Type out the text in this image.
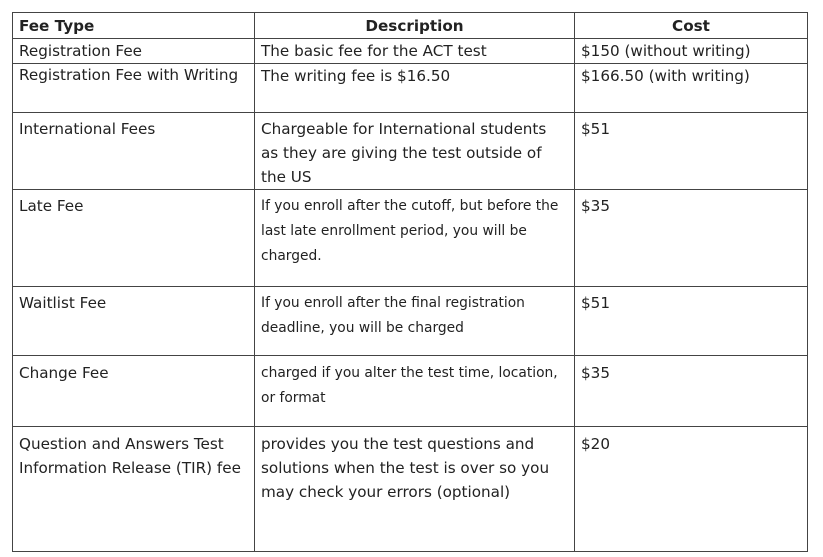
Fee Type	Description	Cost
Registration Fee	The basic fee for the ACT test	$150 (without writing)
Registration Fee with Writing	The writing fee is $16.50	$166.50 (with writing)
International Fees	Chargeable for International students as they are giving the test outside of the US	$51
Late Fee	If you enroll after the cutoff, but before the last late enrollment period, you will be charged.	$35
Waitlist Fee	If you enroll after the final registration deadline, you will be charged	$51
Change Fee	charged if you alter the test time, location, or format	$35
Question and Answers Test Information Release (TIR) fee	provides you the test questions and solutions when the test is over so you may check your errors (optional)	$20
